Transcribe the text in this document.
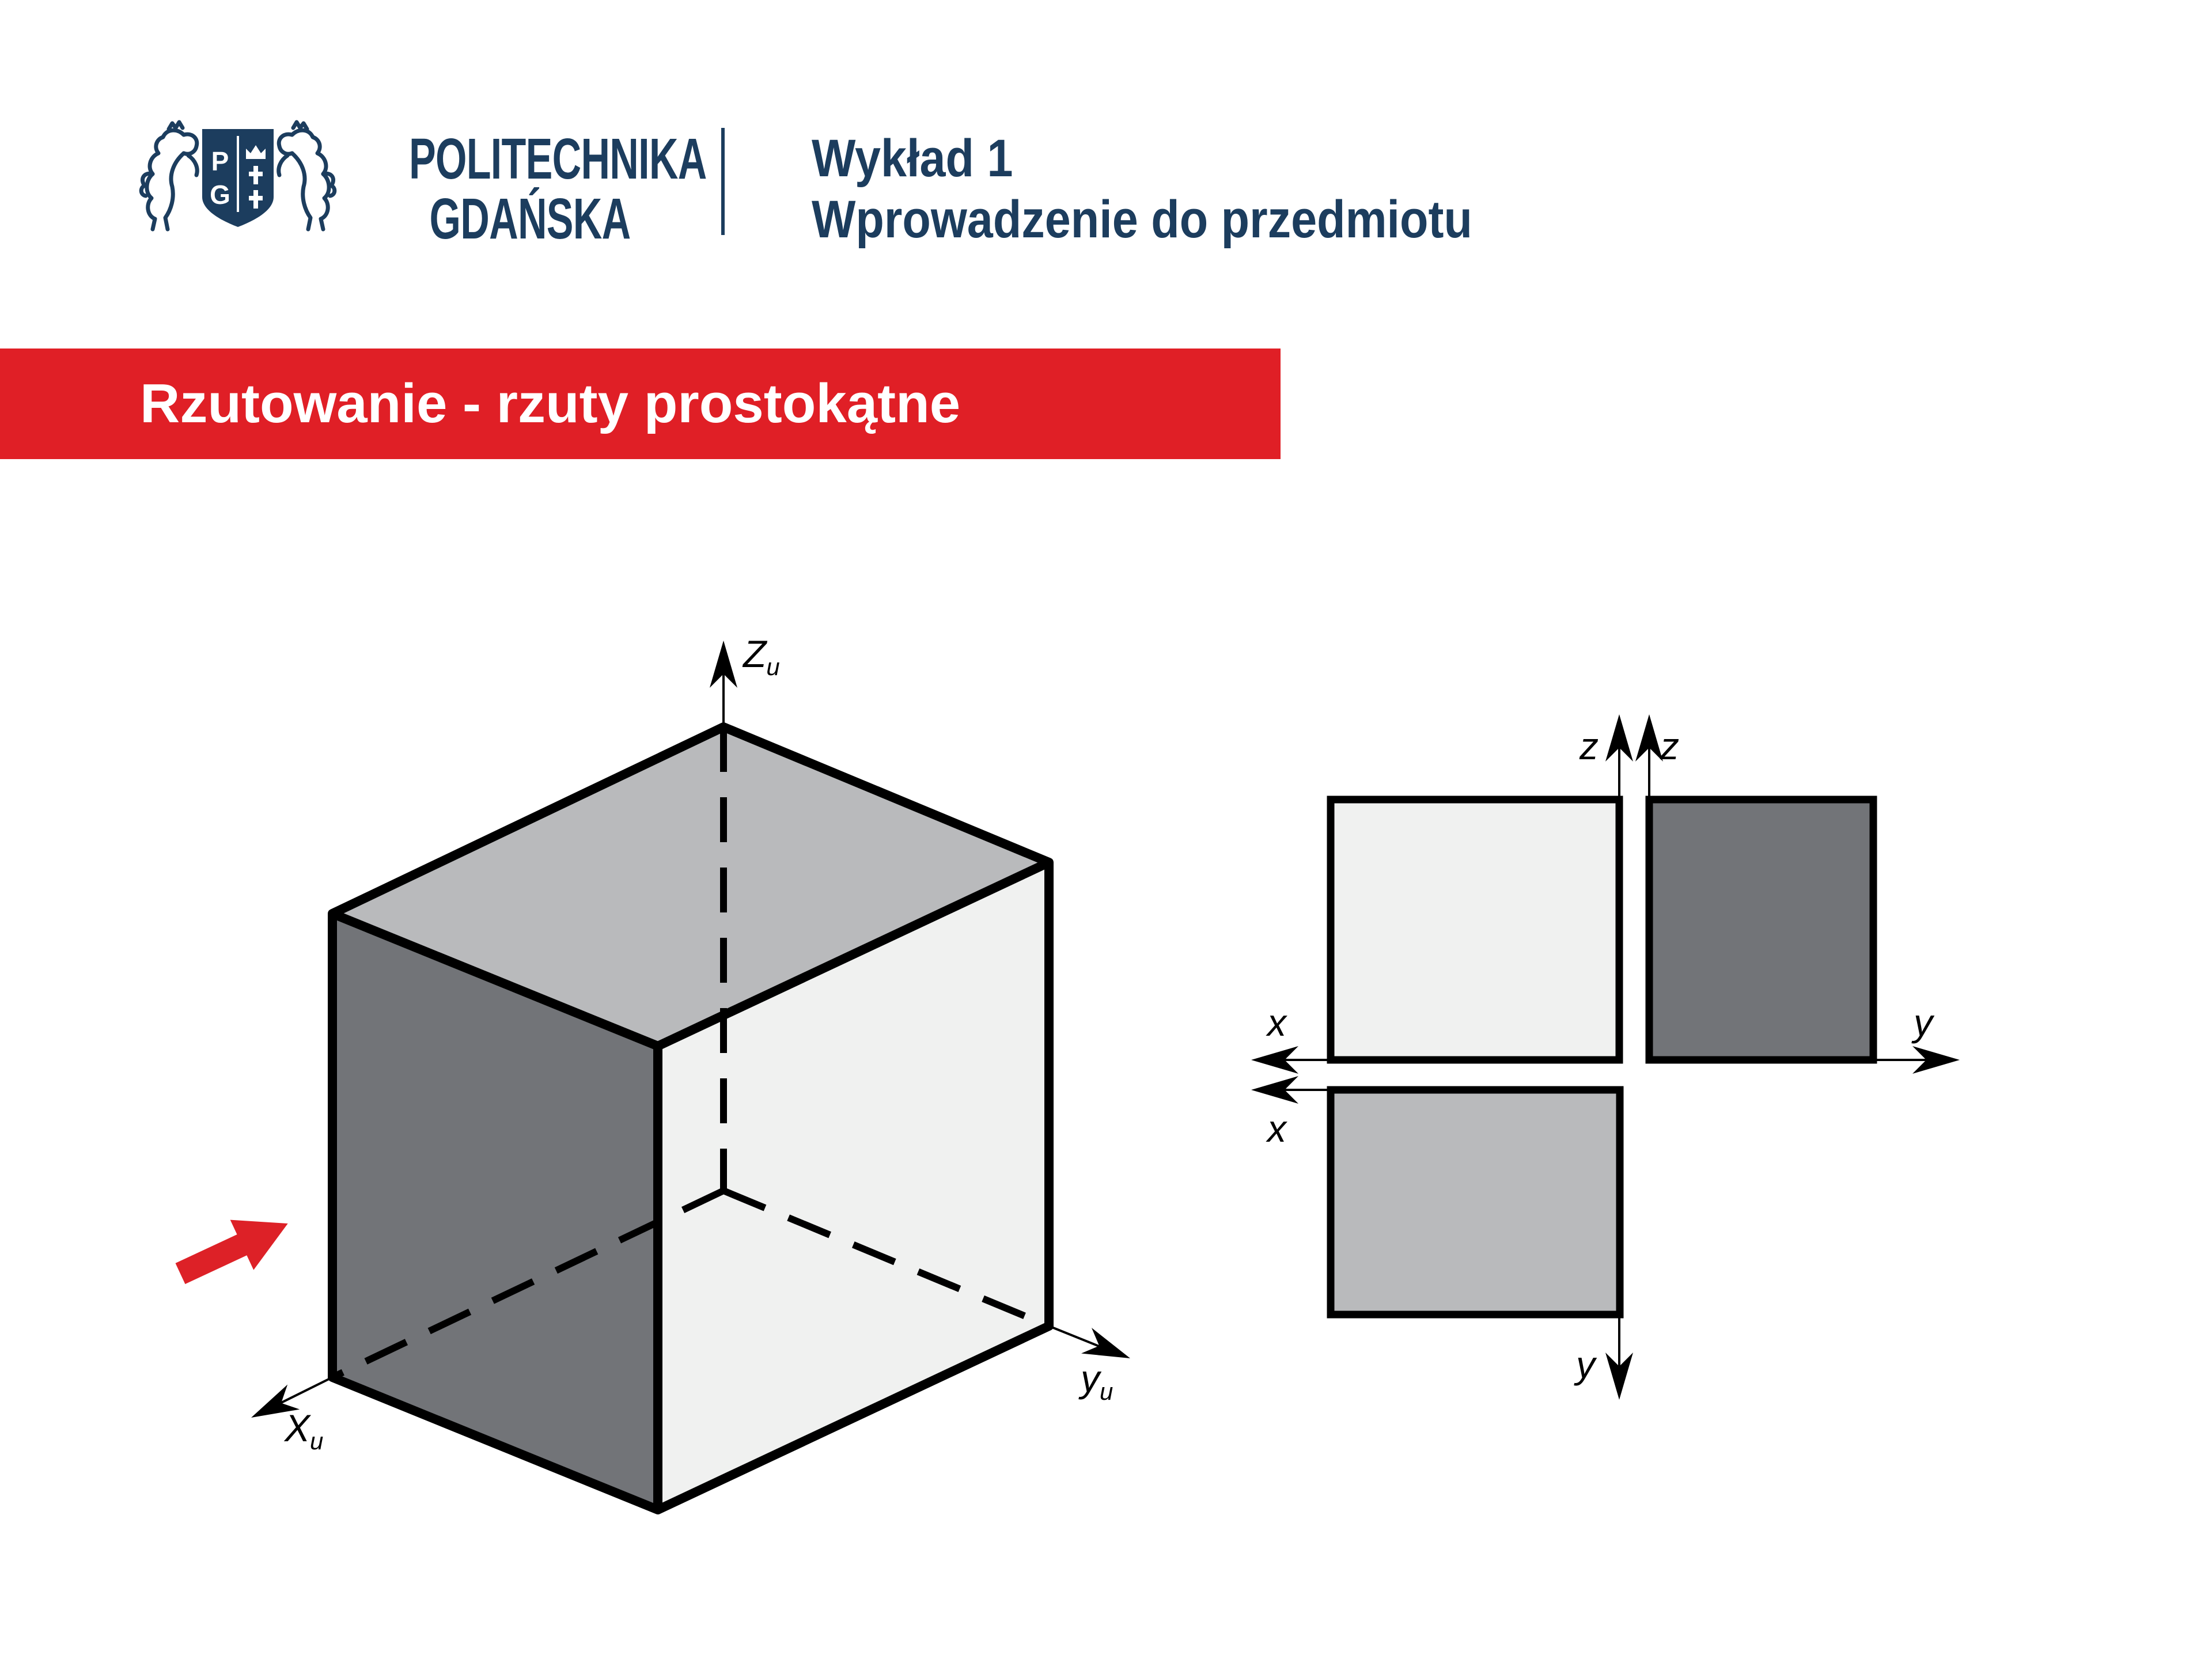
P
G
POLITECHNIKA
GDAŃSKA
Wykład 1
Wprowadzenie do przedmiotu
Rzutowanie - rzuty prostokątne
$Z_u$
$X_u$
$y_u$
z z
x
x
y
y
